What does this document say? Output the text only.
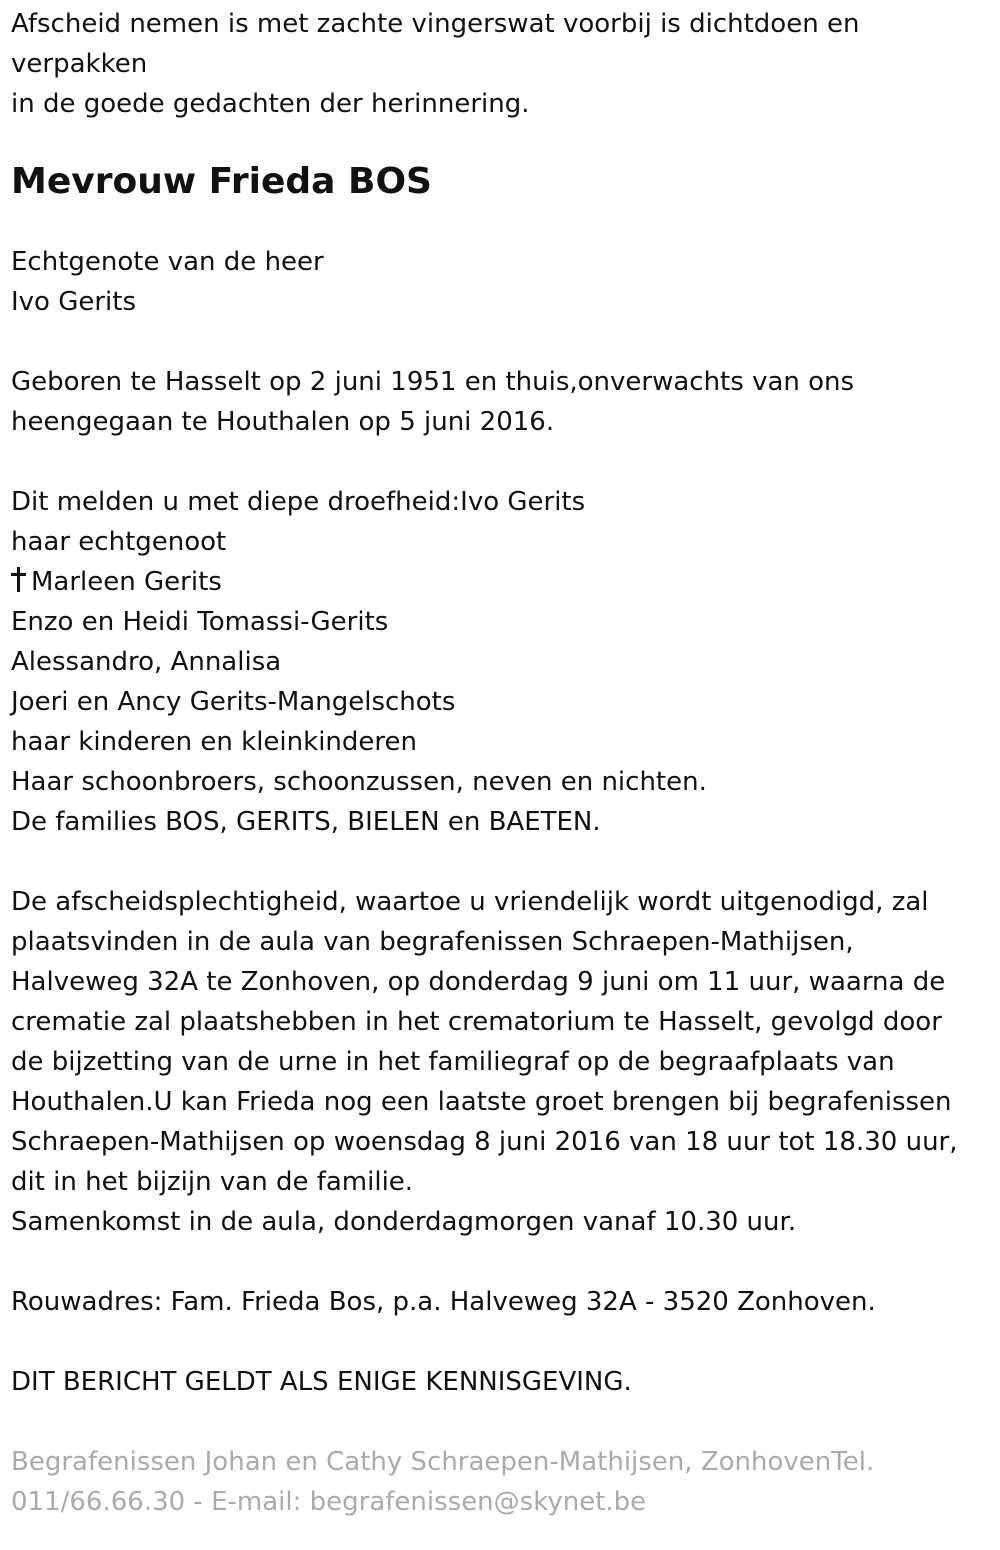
Afscheid nemen is met zachte vingerswat voorbij is dichtdoen en
verpakken
in de goede gedachten der herinnering.

Mevrouw Frieda BOS

Echtgenote van de heer
Ivo Gerits

Geboren te Hasselt op 2 juni 1951 en thuis,onverwachts van ons
heengegaan te Houthalen op 5 juni 2016.

Dit melden u met diepe droefheid:Ivo Gerits
haar echtgenoot
Marleen Gerits
Enzo en Heidi Tomassi-Gerits
Alessandro, Annalisa
Joeri en Ancy Gerits-Mangelschots
haar kinderen en kleinkinderen
Haar schoonbroers, schoonzussen, neven en nichten.
De families BOS, GERITS, BIELEN en BAETEN.

De afscheidsplechtigheid, waartoe u vriendelijk wordt uitgenodigd, zal
plaatsvinden in de aula van begrafenissen Schraepen-Mathijsen,
Halveweg 32A te Zonhoven, op donderdag 9 juni om 11 uur, waarna de
crematie zal plaatshebben in het crematorium te Hasselt, gevolgd door
de bijzetting van de urne in het familiegraf op de begraafplaats van
Houthalen.U kan Frieda nog een laatste groet brengen bij begrafenissen
Schraepen-Mathijsen op woensdag 8 juni 2016 van 18 uur tot 18.30 uur,
dit in het bijzijn van de familie.
Samenkomst in de aula, donderdagmorgen vanaf 10.30 uur.

Rouwadres: Fam. Frieda Bos, p.a. Halveweg 32A - 3520 Zonhoven.

DIT BERICHT GELDT ALS ENIGE KENNISGEVING.

Begrafenissen Johan en Cathy Schraepen-Mathijsen, ZonhovenTel.
011/66.66.30 - E-mail: begrafenissen@skynet.be
